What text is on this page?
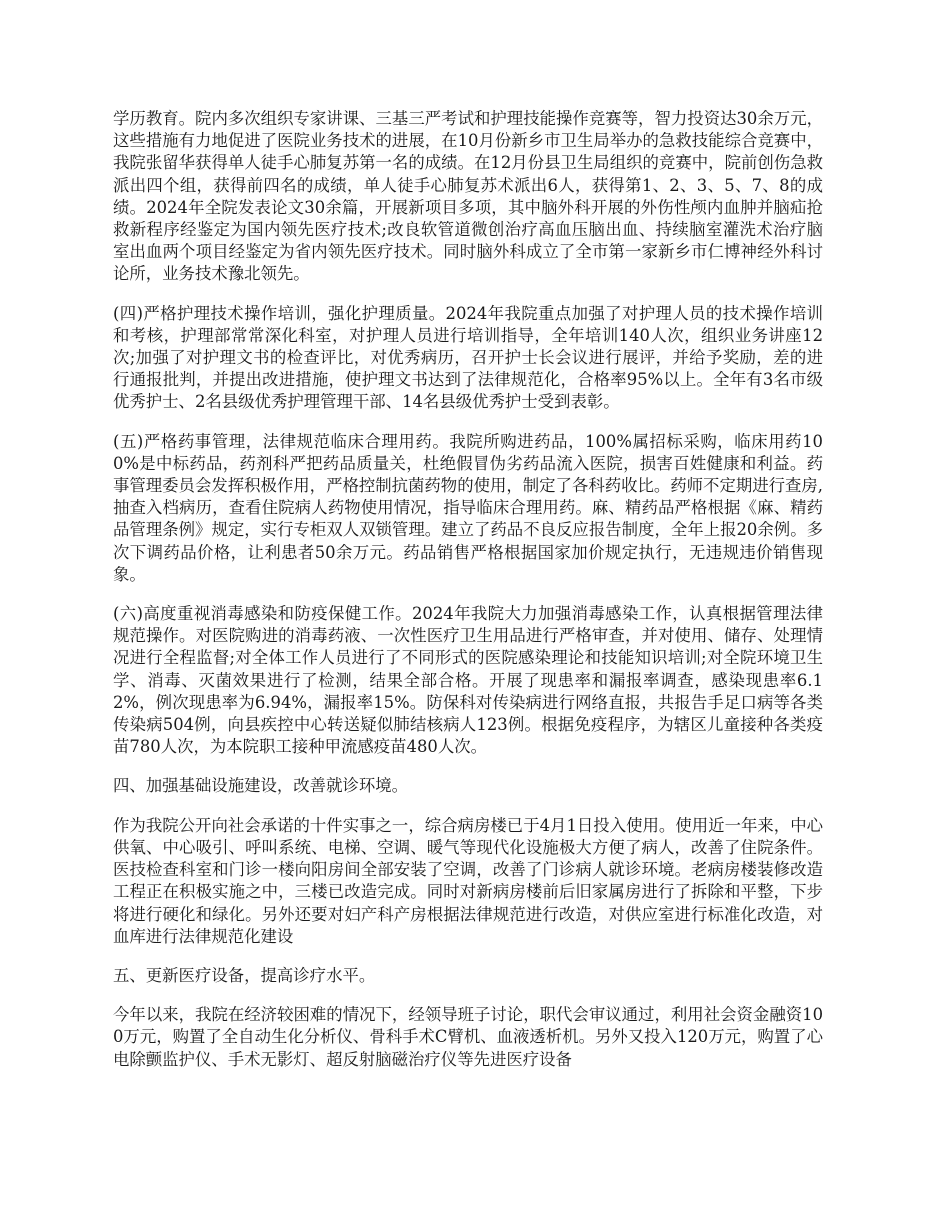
学历教育。院内多次组织专家讲课、三基三严考试和护理技能操作竞赛等，智力投资达30余万元，这些措施有力地促进了医院业务技术的进展，在10月份新乡市卫生局举办的急救技能综合竞赛中，我院张留华获得单人徒手心肺复苏第一名的成绩。在12月份县卫生局组织的竞赛中，院前创伤急救派出四个组，获得前四名的成绩，单人徒手心肺复苏术派出6人，获得第1、2、3、5、7、8的成绩。2024年全院发表论文30余篇，开展新项目多项，其中脑外科开展的外伤性颅内血肿并脑疝抢救新程序经鉴定为国内领先医疗技术;改良软管道微创治疗高血压脑出血、持续脑室灌洗术治疗脑室出血两个项目经鉴定为省内领先医疗技术。同时脑外科成立了全市第一家新乡市仁博神经外科讨论所，业务技术豫北领先。

(四)严格护理技术操作培训，强化护理质量。2024年我院重点加强了对护理人员的技术操作培训和考核，护理部常常深化科室，对护理人员进行培训指导，全年培训140人次，组织业务讲座12次;加强了对护理文书的检查评比，对优秀病历，召开护士长会议进行展评，并给予奖励，差的进行通报批判，并提出改进措施，使护理文书达到了法律规范化，合格率95%以上。全年有3名市级优秀护士、2名县级优秀护理管理干部、14名县级优秀护士受到表彰。

(五)严格药事管理，法律规范临床合理用药。我院所购进药品，100%属招标采购，临床用药100%是中标药品，药剂科严把药品质量关，杜绝假冒伪劣药品流入医院，损害百姓健康和利益。药事管理委员会发挥积极作用，严格控制抗菌药物的使用，制定了各科药收比。药师不定期进行查房,抽查入档病历，查看住院病人药物使用情况，指导临床合理用药。麻、精药品严格根据《麻、精药品管理条例》规定，实行专柜双人双锁管理。建立了药品不良反应报告制度，全年上报20余例。多次下调药品价格，让利患者50余万元。药品销售严格根据国家加价规定执行，无违规违价销售现象。

(六)高度重视消毒感染和防疫保健工作。2024年我院大力加强消毒感染工作，认真根据管理法律规范操作。对医院购进的消毒药液、一次性医疗卫生用品进行严格审查，并对使用、储存、处理情况进行全程监督;对全体工作人员进行了不同形式的医院感染理论和技能知识培训;对全院环境卫生学、消毒、灭菌效果进行了检测，结果全部合格。开展了现患率和漏报率调查，感染现患率6.12%，例次现患率为6.94%，漏报率15%。防保科对传染病进行网络直报，共报告手足口病等各类传染病504例，向县疾控中心转送疑似肺结核病人123例。根据免疫程序，为辖区儿童接种各类疫苗780人次，为本院职工接种甲流感疫苗480人次。

四、加强基础设施建设，改善就诊环境。

作为我院公开向社会承诺的十件实事之一，综合病房楼已于4月1日投入使用。使用近一年来，中心供氧、中心吸引、呼叫系统、电梯、空调、暖气等现代化设施极大方便了病人，改善了住院条件。医技检查科室和门诊一楼向阳房间全部安装了空调，改善了门诊病人就诊环境。老病房楼装修改造工程正在积极实施之中，三楼已改造完成。同时对新病房楼前后旧家属房进行了拆除和平整，下步将进行硬化和绿化。另外还要对妇产科产房根据法律规范进行改造，对供应室进行标准化改造，对血库进行法律规范化建设

五、更新医疗设备，提高诊疗水平。

今年以来，我院在经济较困难的情况下，经领导班子讨论，职代会审议通过，利用社会资金融资100万元，购置了全自动生化分析仪、骨科手术C臂机、血液透析机。另外又投入120万元，购置了心电除颤监护仪、手术无影灯、超反射脑磁治疗仪等先进医疗设备
